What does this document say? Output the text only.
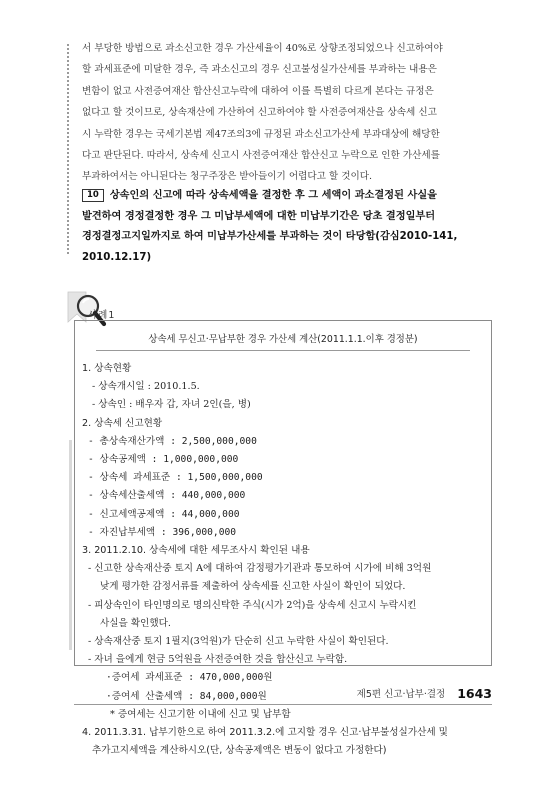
서 부당한 방법으로 과소신고한 경우 가산세율이 40%로 상향조정되었으나 신고하여야
할 과세표준에 미달한 경우, 즉 과소신고의 경우 신고불성실가산세를 부과하는 내용은
변함이 없고 사전증여재산 합산신고누락에 대하여 이를 특별히 다르게 본다는 규정은
없다고 할 것이므로, 상속재산에 가산하여 신고하여야 할 사전증여재산을 상속세 신고
시 누락한 경우는 국세기본법 제47조의3에 규정된 과소신고가산세 부과대상에 해당한
다고 판단된다. 따라서, 상속세 신고시 사전증여재산 합산신고 누락으로 인한 가산세를
부과하여서는 아니된다는 청구주장은 받아들이기 어렵다고 할 것이다.
10 상속인의 신고에 따라 상속세액을 결정한 후 그 세액이 과소결정된 사실을
발견하여 경정결정한 경우 그 미납부세액에 대한 미납부기간은 당초 결정일부터
경정결정고지일까지로 하여 미납부가산세를 부과하는 것이 타당함(감심2010-141,
2010.12.17)
사례1
상속세 무신고·무납부한 경우 가산세 계산(2011.1.1.이후 경정분)
1. 상속현황
- 상속개시일 : 2010.1.5.
- 상속인 : 배우자 갑, 자녀 2인(을, 병)
2. 상속세 신고현황
- 총상속재산가액 : 2,500,000,000
- 상속공제액 : 1,000,000,000
- 상속세 과세표준 : 1,500,000,000
- 상속세산출세액 : 440,000,000
- 신고세액공제액 : 44,000,000
- 자진납부세액 : 396,000,000
3. 2011.2.10. 상속세에 대한 세무조사시 확인된 내용
- 신고한 상속재산중 토지 A에 대하여 감정평가기관과 통모하여 시가에 비해 3억원
낮게 평가한 감정서류를 제출하여 상속세를 신고한 사실이 확인이 되었다.
- 피상속인이 타인명의로 명의신탁한 주식(시가 2억)을 상속세 신고시 누락시킨
사실을 확인했다.
- 상속재산중 토지 1필지(3억원)가 단순히 신고 누락한 사실이 확인된다.
- 자녀 을에게 현금 5억원을 사전증여한 것을 합산신고 누락함.
·증여세 과세표준 : 470,000,000원
·증여세 산출세액 : 84,000,000원
* 증여세는 신고기한 이내에 신고 및 납부함
4. 2011.3.31. 납부기한으로 하여 2011.3.2.에 고지할 경우 신고·납부불성실가산세 및
추가고지세액을 계산하시오(단, 상속공제액은 변동이 없다고 가정한다)
제5편 신고·납부·결정 1643
